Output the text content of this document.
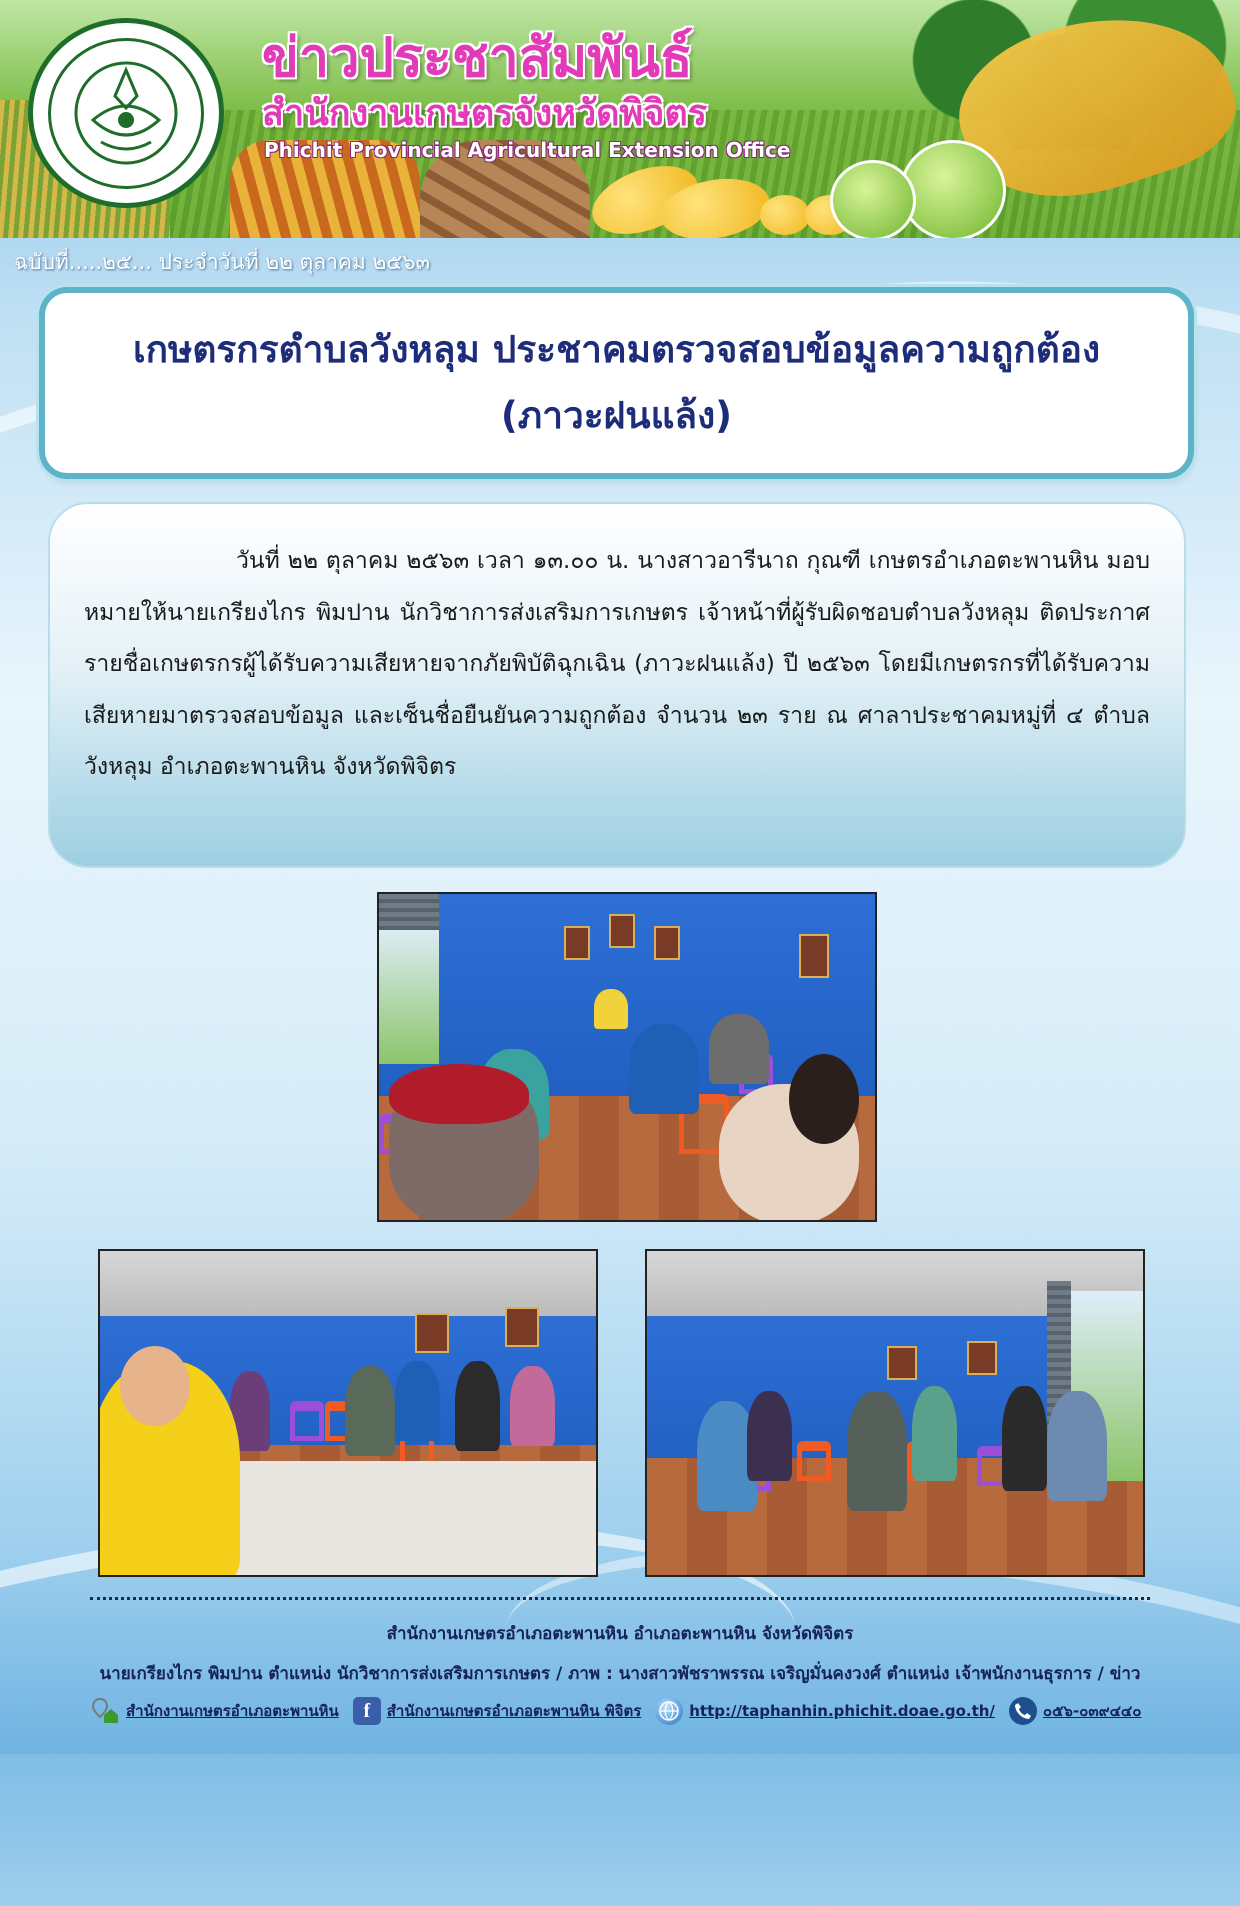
ข่าวประชาสัมพันธ์
สำนักงานเกษตรจังหวัดพิจิตร
Phichit Provincial Agricultural Extension Office
ฉบับที่.....๒๕... ประจำวันที่ ๒๒ ตุลาคม ๒๕๖๓
เกษตรกรตำบลวังหลุม ประชาคมตรวจสอบข้อมูลความถูกต้อง
(ภาวะฝนแล้ง)

วันที่ ๒๒ ตุลาคม ๒๕๖๓ เวลา ๑๓.๐๐ น. นางสาวอารีนาถ กุณฑี เกษตรอำเภอตะพานหิน มอบหมายให้นายเกรียงไกร พิมปาน นักวิชาการส่งเสริมการเกษตร เจ้าหน้าที่ผู้รับผิดชอบตำบลวังหลุม ติดประกาศรายชื่อเกษตรกรผู้ได้รับความเสียหายจากภัยพิบัติฉุกเฉิน (ภาวะฝนแล้ง) ปี ๒๕๖๓ โดยมีเกษตรกรที่ได้รับความเสียหายมาตรวจสอบข้อมูล และเซ็นชื่อยืนยันความถูกต้อง จำนวน ๒๓ ราย ณ ศาลาประชาคมหมู่ที่ ๔ ตำบลวังหลุม อำเภอตะพานหิน จังหวัดพิจิตร

สำนักงานเกษตรอำเภอตะพานหิน อำเภอตะพานหิน จังหวัดพิจิตร
นายเกรียงไกร พิมปาน ตำแหน่ง นักวิชาการส่งเสริมการเกษตร / ภาพ : นางสาวพัชราพรรณ เจริญมั่นคงวงศ์ ตำแหน่ง เจ้าพนักงานธุรการ / ข่าว
สำนักงานเกษตรอำเภอตะพานหิน	f	สำนักงานเกษตรอำเภอตะพานหิน พิจิตร	http://taphanhin.phichit.doae.go.th/	๐๕๖-๐๓๙๔๔๐
